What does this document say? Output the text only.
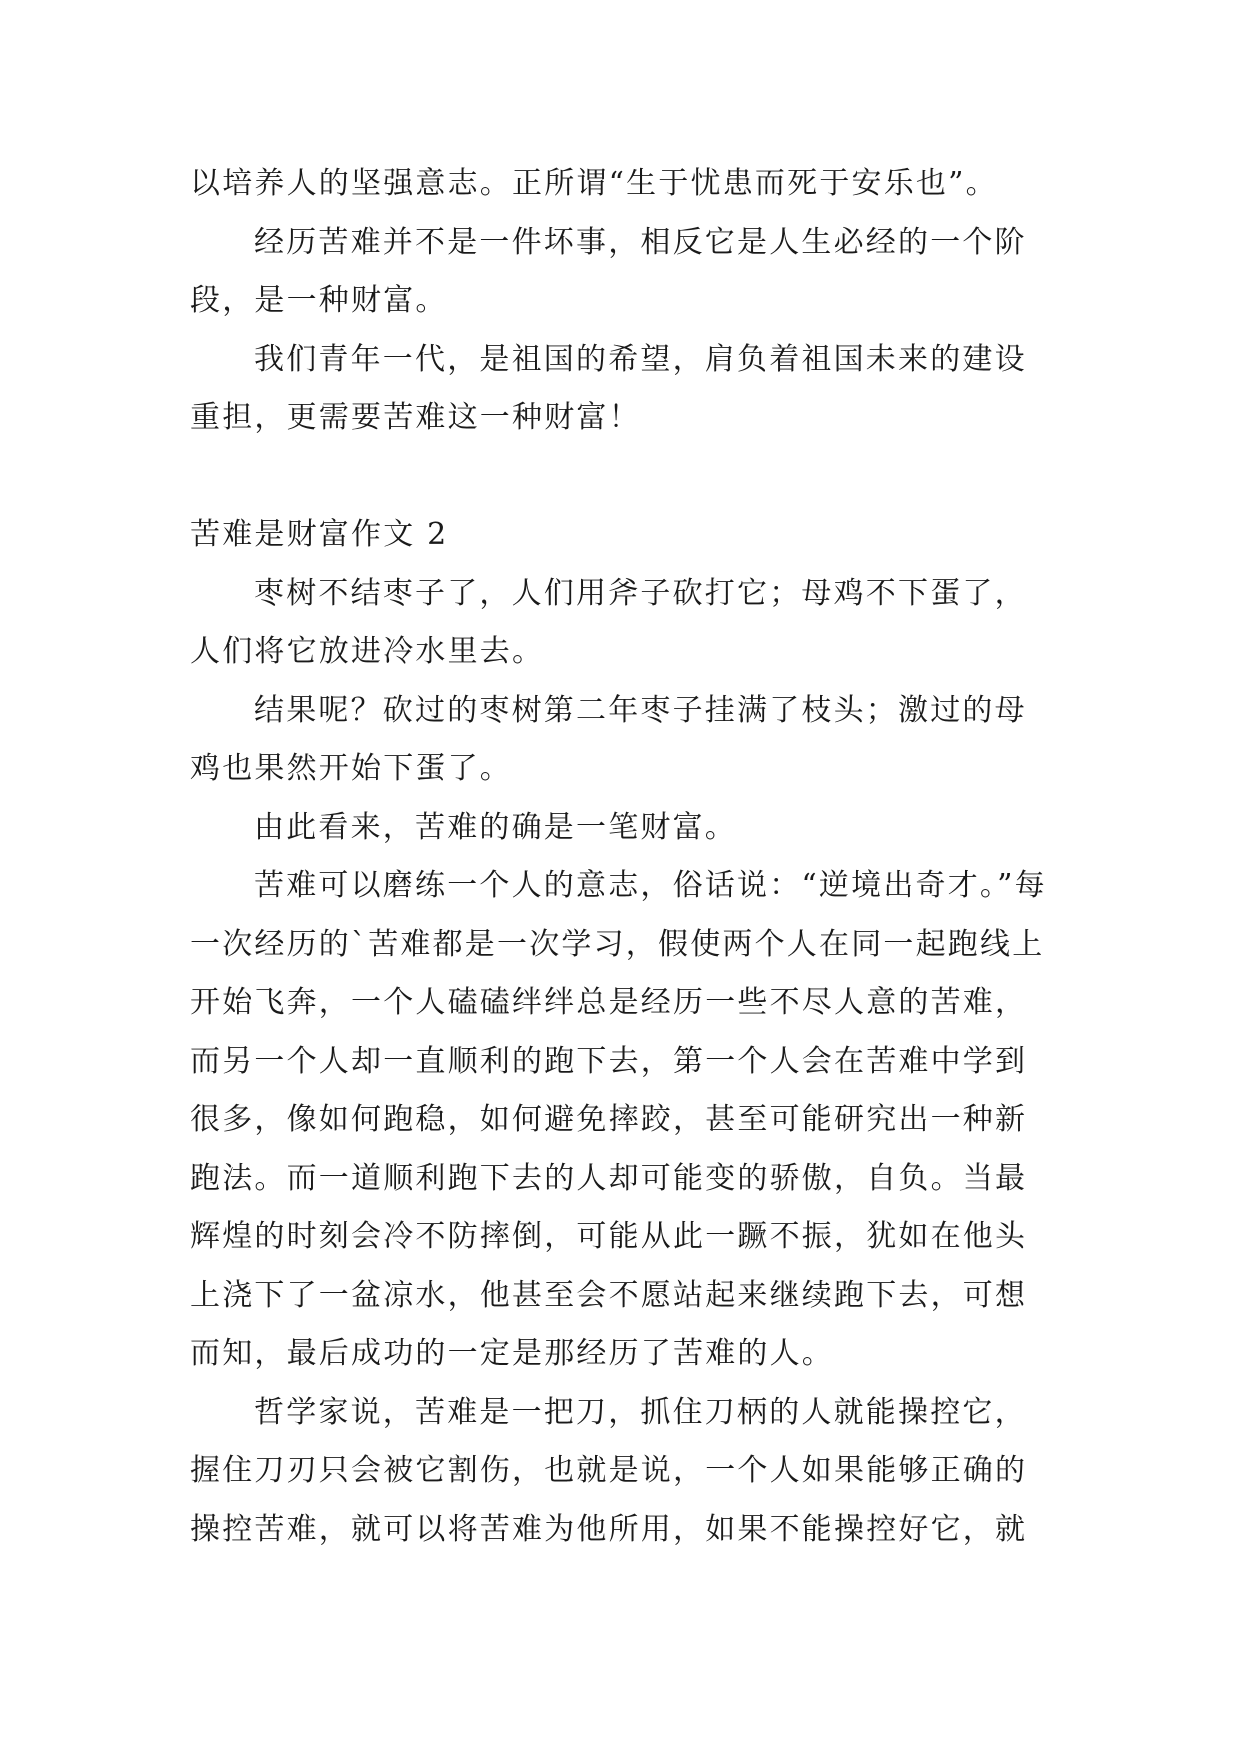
以培养人的坚强意志。正所谓“生于忧患而死于安乐也”。

经历苦难并不是一件坏事，相反它是人生必经的一个阶段，是一种财富。

我们青年一代，是祖国的希望，肩负着祖国未来的建设重担，更需要苦难这一种财富！

苦难是财富作文 2

枣树不结枣子了，人们用斧子砍打它；母鸡不下蛋了，人们将它放进冷水里去。

结果呢？砍过的枣树第二年枣子挂满了枝头；激过的母鸡也果然开始下蛋了。

由此看来，苦难的确是一笔财富。

苦难可以磨练一个人的意志，俗话说：“逆境出奇才。”每一次经历的`苦难都是一次学习，假使两个人在同一起跑线上开始飞奔，一个人磕磕绊绊总是经历一些不尽人意的苦难，而另一个人却一直顺利的跑下去，第一个人会在苦难中学到很多，像如何跑稳，如何避免摔跤，甚至可能研究出一种新跑法。而一道顺利跑下去的人却可能变的骄傲，自负。当最辉煌的时刻会冷不防摔倒，可能从此一蹶不振，犹如在他头上浇下了一盆凉水，他甚至会不愿站起来继续跑下去，可想而知，最后成功的一定是那经历了苦难的人。

哲学家说，苦难是一把刀，抓住刀柄的人就能操控它，握住刀刃只会被它割伤，也就是说，一个人如果能够正确的操控苦难，就可以将苦难为他所用，如果不能操控好它，就
